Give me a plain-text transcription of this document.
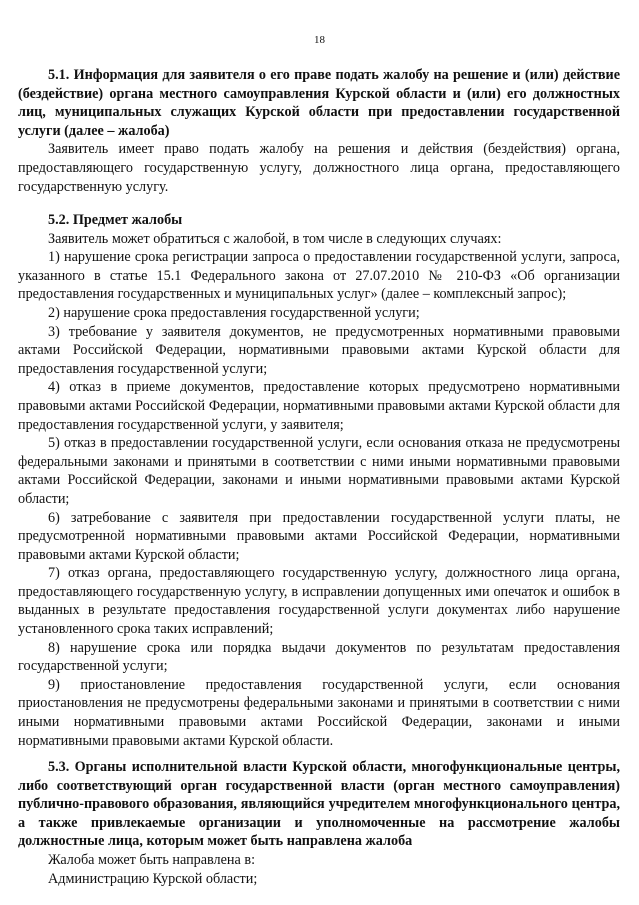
18

5.1. Информация для заявителя о его праве подать жалобу на решение и (или) действие (бездействие) органа местного самоуправления Курской области и (или) его должностных лиц, муниципальных служащих Курской области при предоставлении государственной услуги (далее – жалоба)

Заявитель имеет право подать жалобу на решения и действия (бездействия) органа, предоставляющего государственную услугу, должностного лица органа, предоставляющего государственную услугу.

5.2. Предмет жалобы

Заявитель может обратиться с жалобой, в том числе в следующих случаях:

1) нарушение срока регистрации запроса о предоставлении государственной услуги, запроса, указанного в статье 15.1 Федерального закона от 27.07.2010 № 210-ФЗ «Об организации предоставления государственных и муниципальных услуг» (далее – комплексный запрос);

2) нарушение срока предоставления государственной услуги;

3) требование у заявителя документов, не предусмотренных нормативными правовыми актами Российской Федерации, нормативными правовыми актами Курской области для предоставления государственной услуги;

4) отказ в приеме документов, предоставление которых предусмотрено нормативными правовыми актами Российской Федерации, нормативными правовыми актами Курской области для предоставления государственной услуги, у заявителя;

5) отказ в предоставлении государственной услуги, если основания отказа не предусмотрены федеральными законами и принятыми в соответствии с ними иными нормативными правовыми актами Российской Федерации, законами и иными нормативными правовыми актами Курской области;

6) затребование с заявителя при предоставлении государственной услуги платы, не предусмотренной нормативными правовыми актами Российской Федерации, нормативными правовыми актами Курской области;

7) отказ органа, предоставляющего государственную услугу, должностного лица органа, предоставляющего государственную услугу, в исправлении допущенных ими опечаток и ошибок в выданных в результате предоставления государственной услуги документах либо нарушение установленного срока таких исправлений;

8) нарушение срока или порядка выдачи документов по результатам предоставления государственной услуги;

9) приостановление предоставления государственной услуги, если основания приостановления не предусмотрены федеральными законами и принятыми в соответствии с ними иными нормативными правовыми актами Российской Федерации, законами и иными нормативными правовыми актами Курской области.

5.3. Органы исполнительной власти Курской области, многофункциональные центры, либо соответствующий орган государственной власти (орган местного самоуправления) публично-правового образования, являющийся учредителем многофункционального центра, а также привлекаемые организации и уполномоченные на рассмотрение жалобы должностные лица, которым может быть направлена жалоба

Жалоба может быть направлена в:

Администрацию Курской области;
